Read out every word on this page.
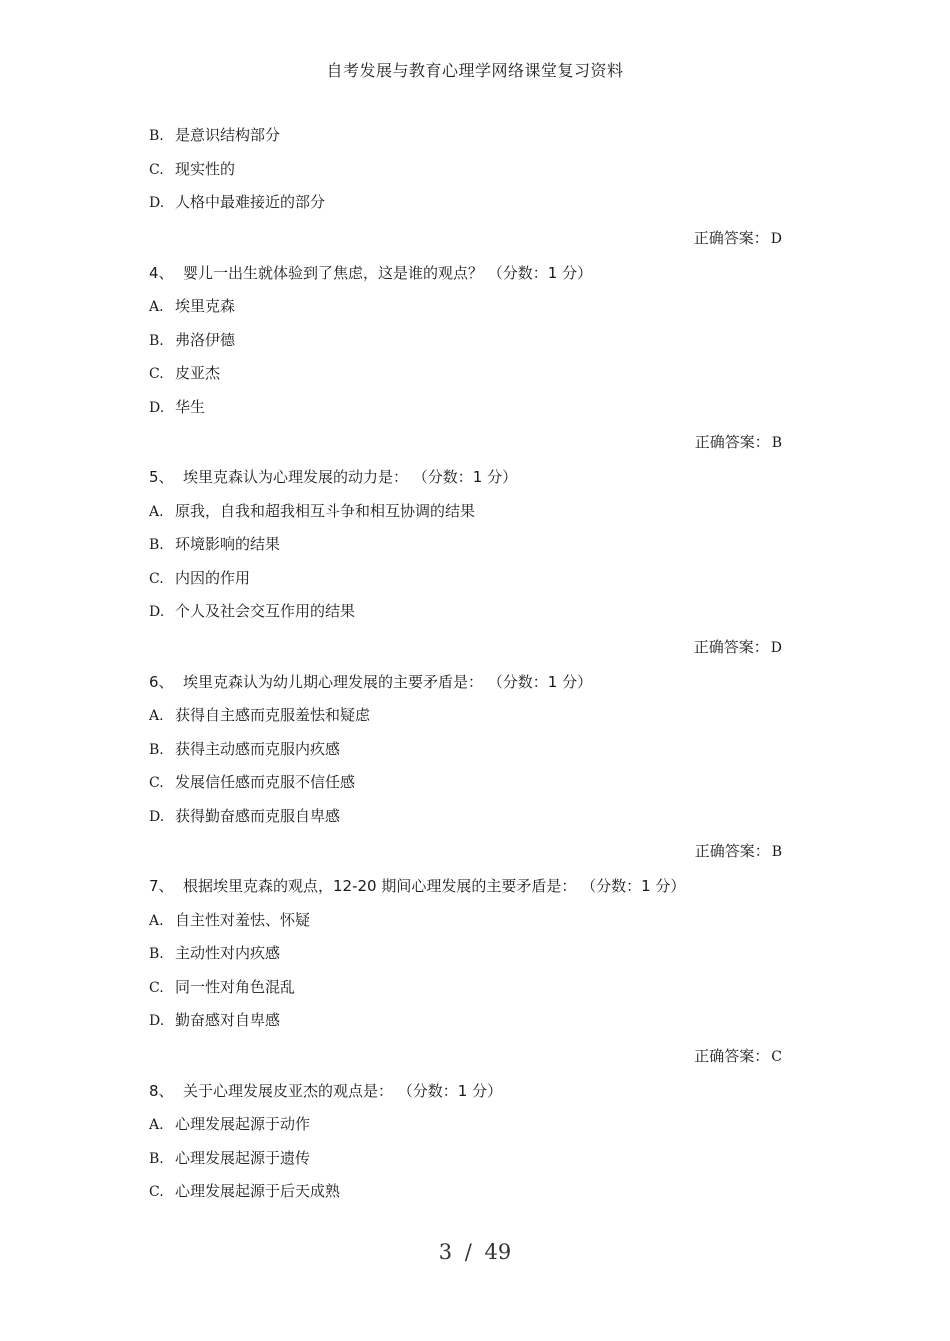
自考发展与教育心理学网络课堂复习资料
B. 是意识结构部分
C. 现实性的
D. 人格中最难接近的部分
正确答案： D
4、 婴儿一出生就体验到了焦虑，这是谁的观点？ （分数：1 分）
A. 埃里克森
B. 弗洛伊德
C. 皮亚杰
D. 华生
正确答案： B
5、 埃里克森认为心理发展的动力是： （分数：1 分）
A. 原我，自我和超我相互斗争和相互协调的结果
B. 环境影响的结果
C. 内因的作用
D. 个人及社会交互作用的结果
正确答案： D
6、 埃里克森认为幼儿期心理发展的主要矛盾是： （分数：1 分）
A. 获得自主感而克服羞怯和疑虑
B. 获得主动感而克服内疚感
C. 发展信任感而克服不信任感
D. 获得勤奋感而克服自卑感
正确答案： B
7、 根据埃里克森的观点，12-20 期间心理发展的主要矛盾是： （分数：1 分）
A. 自主性对羞怯、怀疑
B. 主动性对内疚感
C. 同一性对角色混乱
D. 勤奋感对自卑感
正确答案： C
8、 关于心理发展皮亚杰的观点是： （分数：1 分）
A. 心理发展起源于动作
B. 心理发展起源于遗传
C. 心理发展起源于后天成熟
3 / 49
